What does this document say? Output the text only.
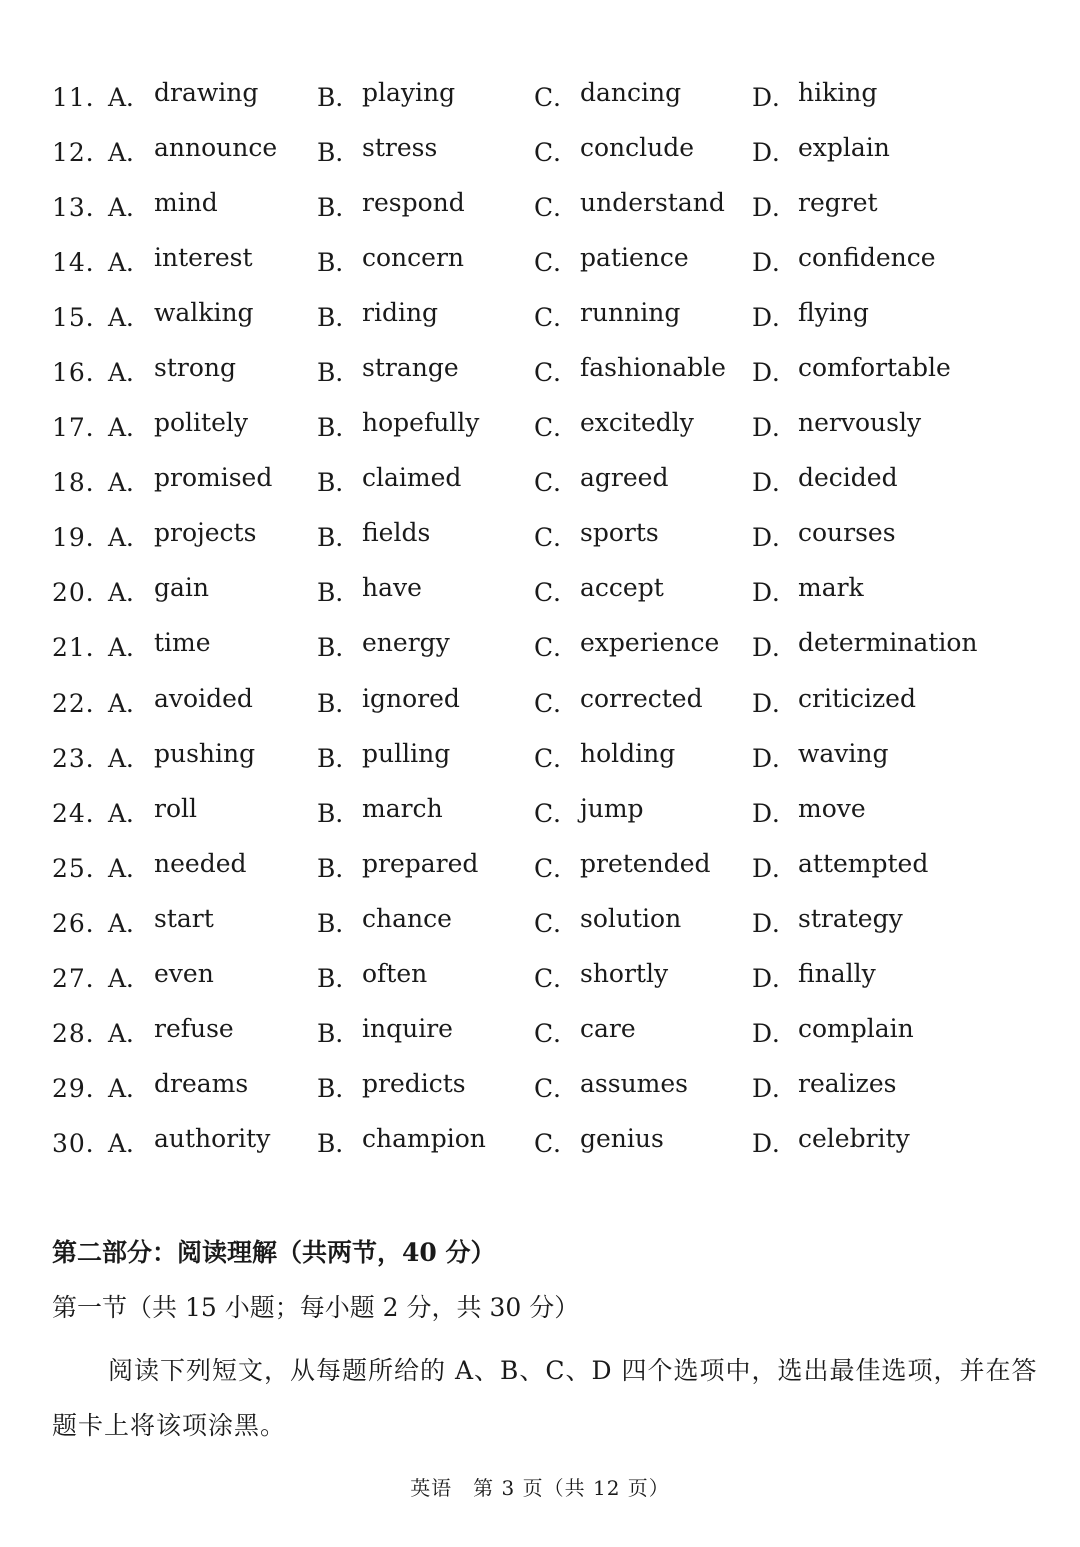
11．
A． drawing B． playing	C． dancing	D． hiking
12．
A． announce B． stress	C． conclude D． explain
13．
A． mind	B． respond	C． understand D． regret
14．
A． interest	B． concern	C． patience	D． confidence
15．
A． walking	B． riding	C． running	D． flying
16．
A． strong	B． strange	C． fashionable D． comfortable
17．
A． politely	B． hopefully C． excitedly D． nervously
18．
A． promised B． claimed	C． agreed	D． decided
19．
A． projects B． fields	C． sports	D． courses
20．
A． gain	B． have	C． accept	D． mark
21．
A． time	B． energy	C． experience D． determination
22．
A． avoided	B． ignored	C． corrected D． criticized
23．
A． pushing B． pulling	C． holding	D． waving
24．
A． roll	B． march	C． jump	D． move
25．
A． needed	B． prepared C． pretended D． attempted
26．
A． start	B． chance	C． solution	D． strategy
27．
A． even	B． often	C． shortly	D． finally
28．
A． refuse	B． inquire	C． care	D． complain
29．
A． dreams	B． predicts	C． assumes	D． realizes
30．
A． authority B． champion C． genius	D． celebrity
第二部分：阅读理解（共两节，40 分）
第一节（共 15 小题；每小题 2 分，共 30 分）
阅读下列短文，从每题所给的 A、B、C、D 四个选项中，选出最佳选项，并在答题卡上将该项涂黑。
英语　第 3 页（共 12 页）
